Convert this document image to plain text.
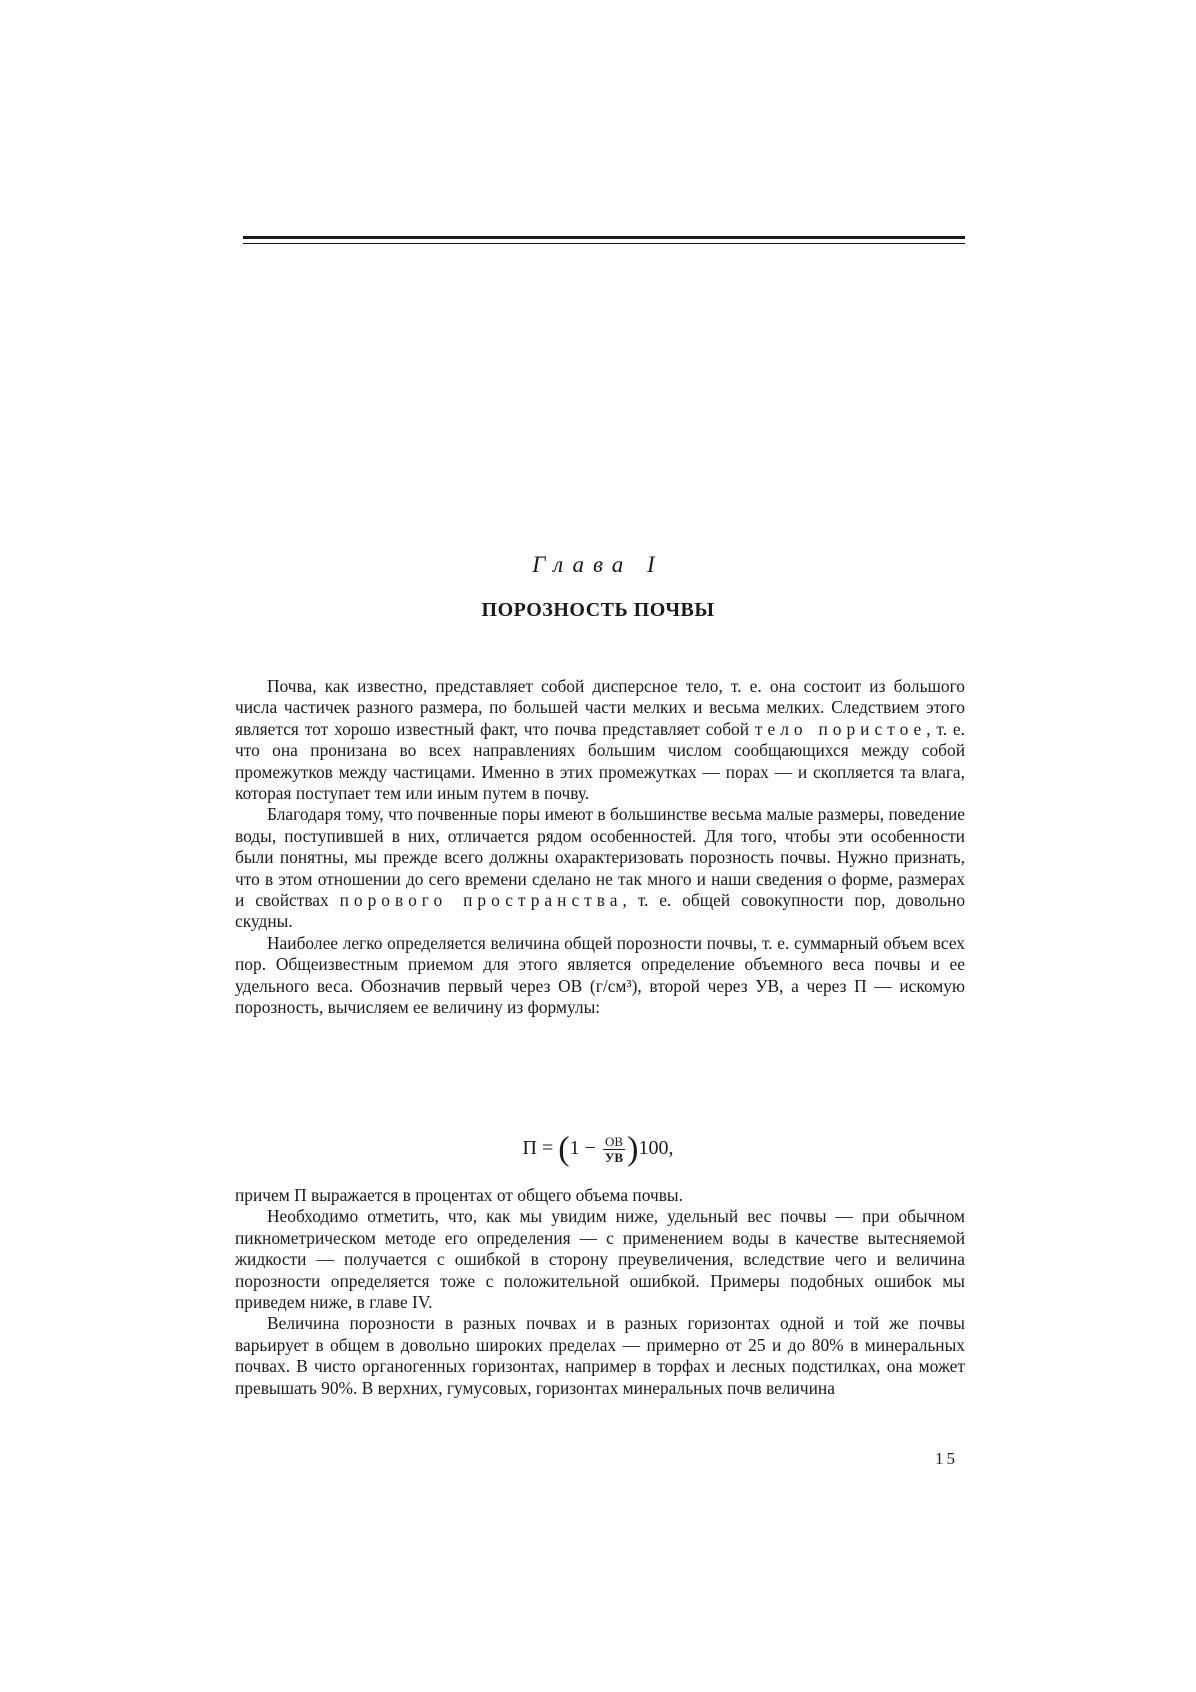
Глава I
ПОРОЗНОСТЬ ПОЧВЫ

Почва, как известно, представляет собой дисперсное тело, т. е. она состоит из большого числа частичек разного размера, по большей части мелких и весьма мелких. Следствием этого является тот хорошо известный факт, что почва представляет собой тело пористое, т. е. что она пронизана во всех направлениях большим числом сообщающихся между собой промежутков между частицами. Именно в этих промежутках — порах — и скопляется та влага, которая поступает тем или иным путем в почву.

Благодаря тому, что почвенные поры имеют в большинстве весьма малые размеры, поведение воды, поступившей в них, отличается рядом особенностей. Для того, чтобы эти особенности были понятны, мы прежде всего должны охарактеризовать порозность почвы. Нужно признать, что в этом отношении до сего времени сделано не так много и наши сведения о форме, размерах и свойствах порового пространства, т. е. общей совокупности пор, довольно скудны.

Наиболее легко определяется величина общей порозности почвы, т. е. суммарный объем всех пор. Общеизвестным приемом для этого является определение объемного веса почвы и ее удельного веса. Обозначив первый через ОВ (г/см³), второй через УВ, а через П — искомую порозность, вычисляем ее величину из формулы:

$П = (1 - \frac{ОВ}{УВ} )100$,

причем П выражается в процентах от общего объема почвы.

Необходимо отметить, что, как мы увидим ниже, удельный вес почвы — при обычном пикнометрическом методе его определения — с применением воды в качестве вытесняемой жидкости — получается с ошибкой в сторону преувеличения, вследствие чего и величина порозности определяется тоже с положительной ошибкой. Примеры подобных ошибок мы приведем ниже, в главе IV.

Величина порозности в разных почвах и в разных горизонтах одной и той же почвы варьирует в общем в довольно широких пределах — примерно от 25 и до 80% в минеральных почвах. В чисто органогенных горизонтах, например в торфах и лесных подстилках, она может превышать 90%. В верхних, гумусовых, горизонтах минеральных почв величина

15
